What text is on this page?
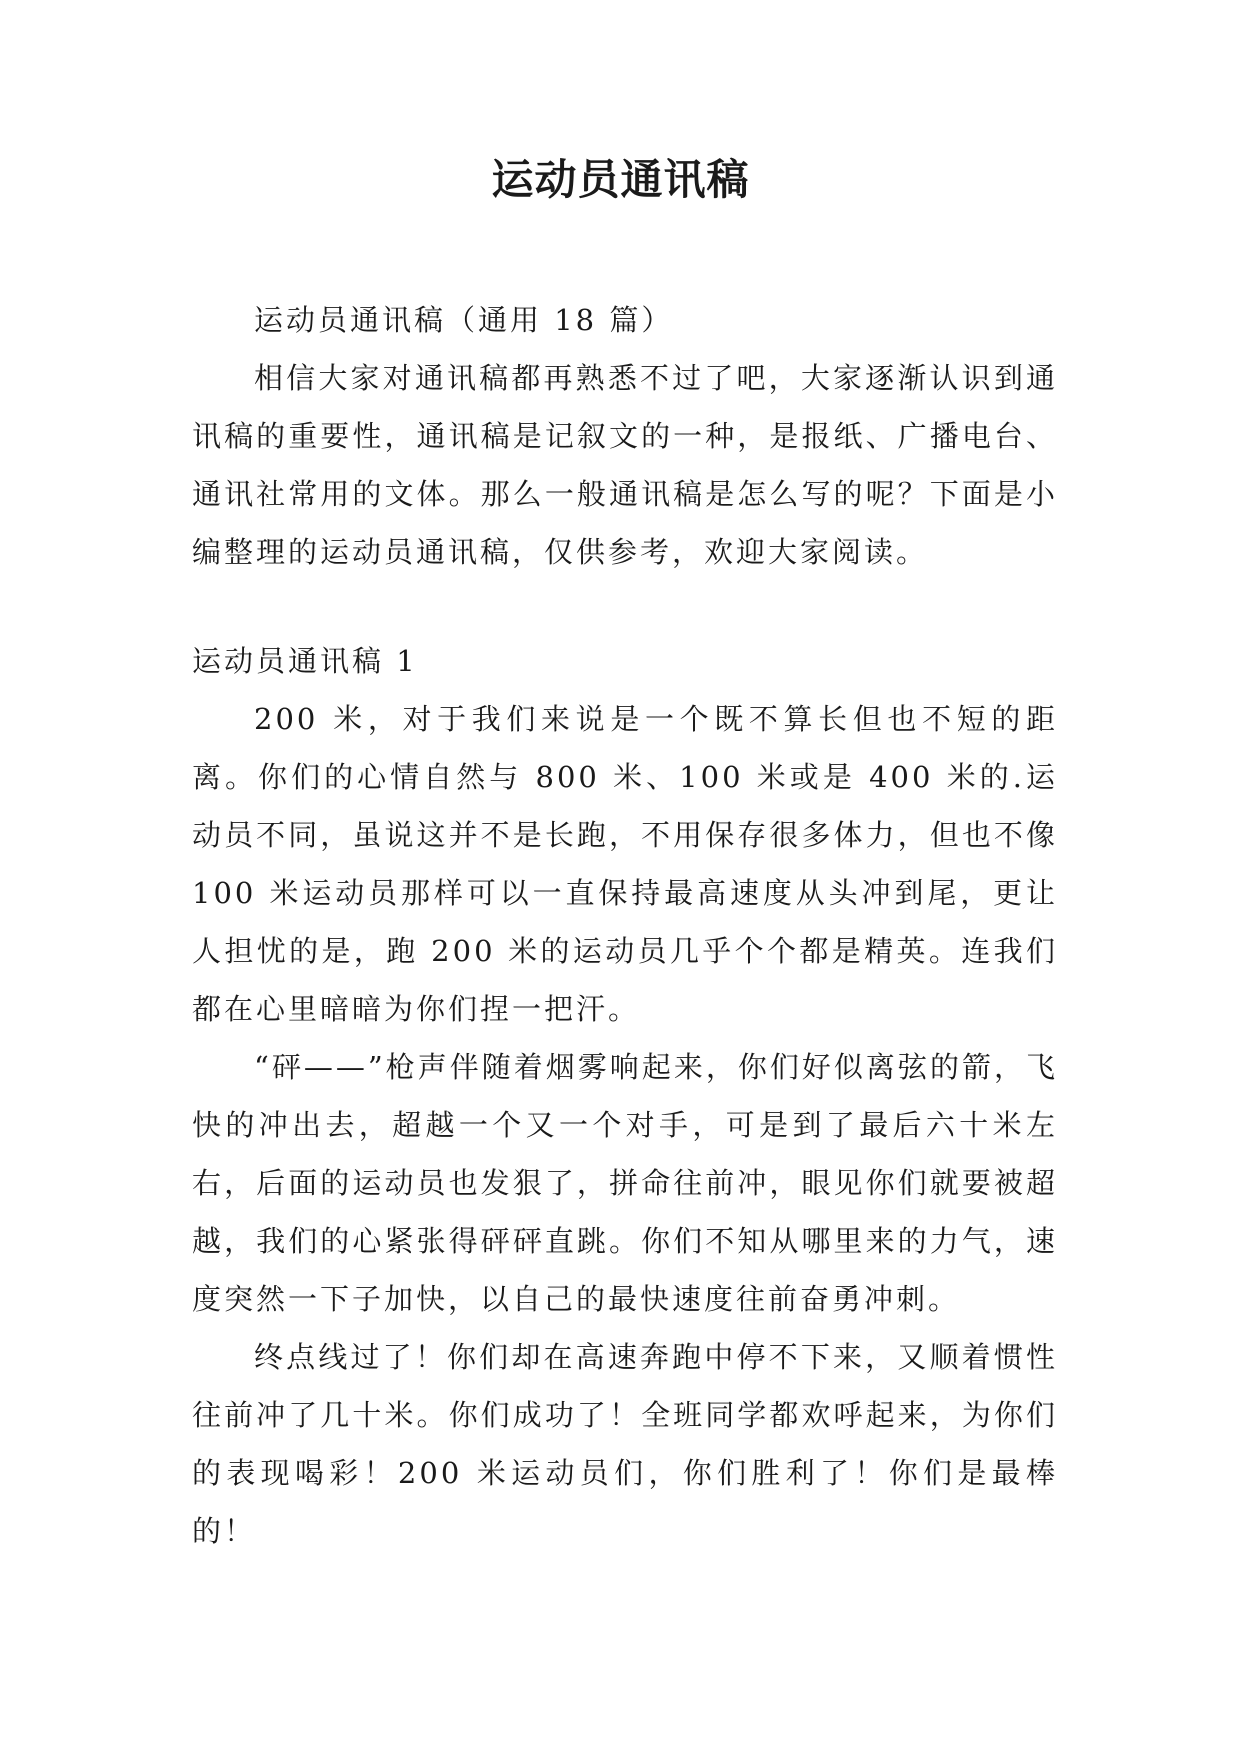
运动员通讯稿

运动员通讯稿（通用 18 篇）

相信大家对通讯稿都再熟悉不过了吧，大家逐渐认识到通讯稿的重要性，通讯稿是记叙文的一种，是报纸、广播电台、通讯社常用的文体。那么一般通讯稿是怎么写的呢？下面是小编整理的运动员通讯稿，仅供参考，欢迎大家阅读。

运动员通讯稿 1

200 米，对于我们来说是一个既不算长但也不短的距离。你们的心情自然与 800 米、100 米或是 400 米的.运动员不同，虽说这并不是长跑，不用保存很多体力，但也不像 100 米运动员那样可以一直保持最高速度从头冲到尾，更让人担忧的是，跑 200 米的运动员几乎个个都是精英。连我们都在心里暗暗为你们捏一把汗。

“砰——”枪声伴随着烟雾响起来，你们好似离弦的箭，飞快的冲出去，超越一个又一个对手，可是到了最后六十米左右，后面的运动员也发狠了，拼命往前冲，眼见你们就要被超越，我们的心紧张得砰砰直跳。你们不知从哪里来的力气，速度突然一下子加快，以自己的最快速度往前奋勇冲刺。

终点线过了！你们却在高速奔跑中停不下来，又顺着惯性往前冲了几十米。你们成功了！全班同学都欢呼起来，为你们的表现喝彩！200 米运动员们，你们胜利了！你们是最棒的！
